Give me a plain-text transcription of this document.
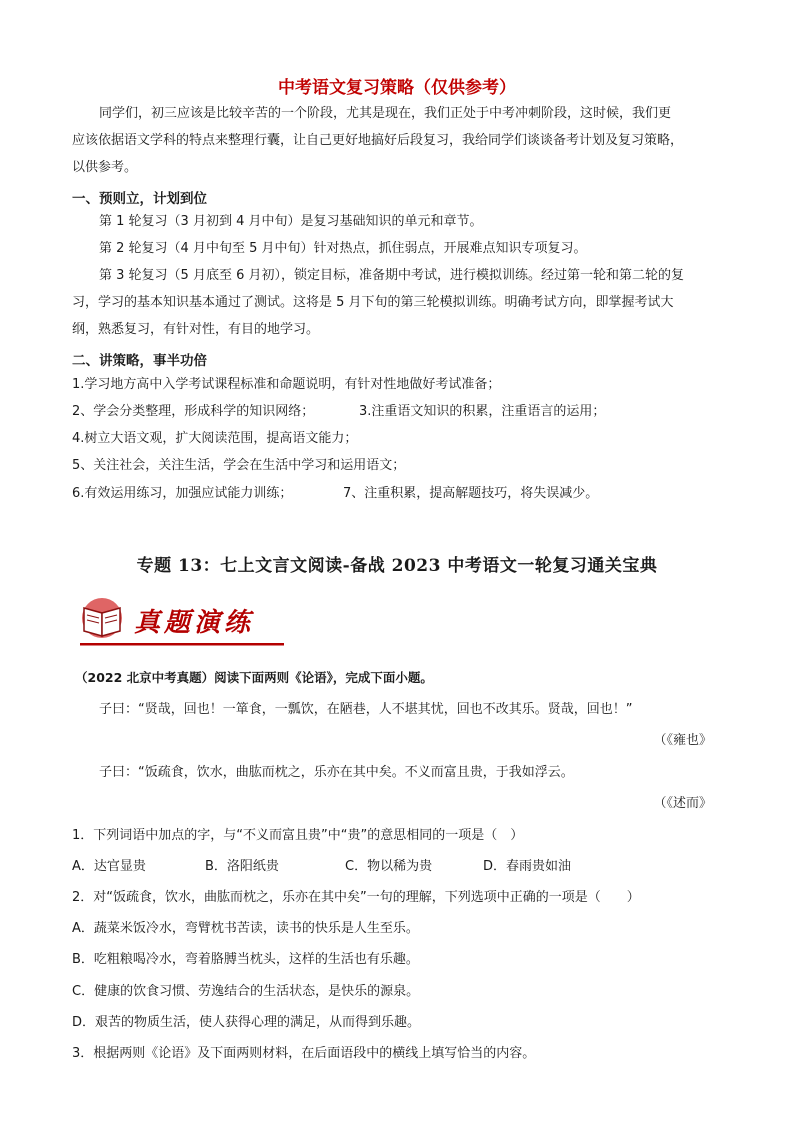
中考语文复习策略（仅供参考）
同学们，初三应该是比较辛苦的一个阶段，尤其是现在，我们正处于中考冲刺阶段，这时候，我们更
应该依据语文学科的特点来整理行囊，让自己更好地搞好后段复习，我给同学们谈谈备考计划及复习策略，
以供参考。
一、预则立，计划到位
第 1 轮复习（3 月初到 4 月中旬）是复习基础知识的单元和章节。
第 2 轮复习（4 月中旬至 5 月中旬）针对热点，抓住弱点，开展难点知识专项复习。
第 3 轮复习（5 月底至 6 月初），锁定目标，准备期中考试，进行模拟训练。经过第一轮和第二轮的复
习，学习的基本知识基本通过了测试。这将是 5 月下旬的第三轮模拟训练。明确考试方向，即掌握考试大
纲，熟悉复习，有针对性，有目的地学习。
二、讲策略，事半功倍
1.学习地方高中入学考试课程标准和命题说明，有针对性地做好考试准备；
2、学会分类整理，形成科学的知识网络；	3.注重语文知识的积累，注重语言的运用；
4.树立大语文观，扩大阅读范围，提高语文能力；
5、关注社会，关注生活，学会在生活中学习和运用语文；
6.有效运用练习，加强应试能力训练；	7、注重积累，提高解题技巧，将失误减少。
专题 13：七上文言文阅读-备战 2023 中考语文一轮复习通关宝典
真题演练
（2022 北京中考真题）阅读下面两则《论语》，完成下面小题。
子曰：“贤哉，回也！一箪食，一瓢饮，在陋巷，人不堪其忧，回也不改其乐。贤哉，回也！”
（《雍也》
子曰：“饭疏食，饮水，曲肱而枕之，乐亦在其中矣。不义而富且贵，于我如浮云。
（《述而》
1．下列词语中加点的字，与“不义而富且贵”中“贵”的意思相同的一项是（　）
A．达官显贵	B．洛阳纸贵	C．物以稀为贵	D．春雨贵如油
2．对“饭疏食，饮水，曲肱而枕之，乐亦在其中矣”一句的理解，下列选项中正确的一项是（　　）
A．蔬菜米饭冷水，弯臂枕书苦读，读书的快乐是人生至乐。
B．吃粗粮喝冷水，弯着胳膊当枕头，这样的生活也有乐趣。
C．健康的饮食习惯、劳逸结合的生活状态，是快乐的源泉。
D．艰苦的物质生活，使人获得心理的满足，从而得到乐趣。
3．根据两则《论语》及下面两则材料，在后面语段中的横线上填写恰当的内容。
